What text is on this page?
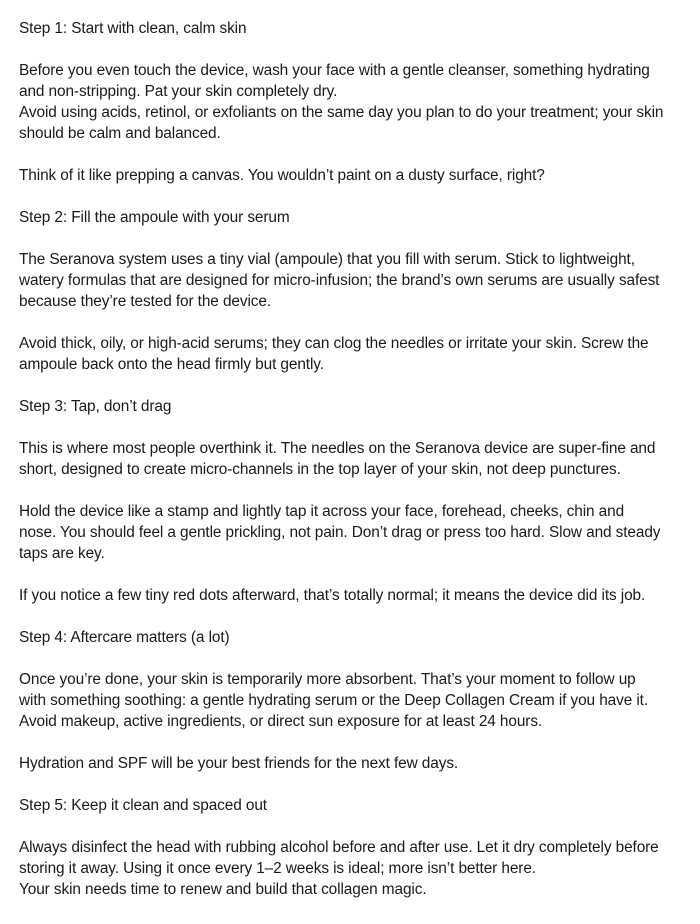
Step 1: Start with clean, calm skin

Before you even touch the device, wash your face with a gentle cleanser, something hydrating

and non-stripping. Pat your skin completely dry.

Avoid using acids, retinol, or exfoliants on the same day you plan to do your treatment; your skin

should be calm and balanced.

Think of it like prepping a canvas. You wouldn’t paint on a dusty surface, right?

Step 2: Fill the ampoule with your serum

The Seranova system uses a tiny vial (ampoule) that you fill with serum. Stick to lightweight,

watery formulas that are designed for micro-infusion; the brand’s own serums are usually safest

because they’re tested for the device.

Avoid thick, oily, or high-acid serums; they can clog the needles or irritate your skin. Screw the

ampoule back onto the head firmly but gently.

Step 3: Tap, don’t drag

This is where most people overthink it. The needles on the Seranova device are super-fine and

short, designed to create micro-channels in the top layer of your skin, not deep punctures.

Hold the device like a stamp and lightly tap it across your face, forehead, cheeks, chin and

nose. You should feel a gentle prickling, not pain. Don’t drag or press too hard. Slow and steady

taps are key.

If you notice a few tiny red dots afterward, that’s totally normal; it means the device did its job.

Step 4: Aftercare matters (a lot)

Once you’re done, your skin is temporarily more absorbent. That’s your moment to follow up

with something soothing: a gentle hydrating serum or the Deep Collagen Cream if you have it.

Avoid makeup, active ingredients, or direct sun exposure for at least 24 hours.

Hydration and SPF will be your best friends for the next few days.

Step 5: Keep it clean and spaced out

Always disinfect the head with rubbing alcohol before and after use. Let it dry completely before

storing it away. Using it once every 1–2 weeks is ideal; more isn’t better here.

Your skin needs time to renew and build that collagen magic.
